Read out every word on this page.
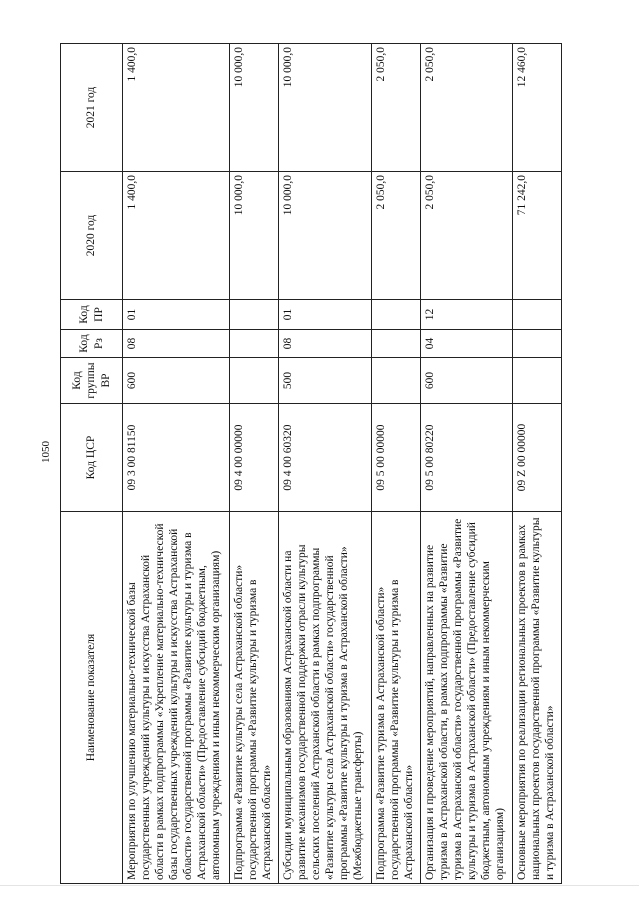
1050
Наименование показателя	Код ЦСР	Код группы ВР	Код Рз	Код ПР	2020 год	2021 год
Мероприятия по улучшению материально-технической базы государственных учреждений культуры и искусства Астраханской области в рамках подпрограммы «Укрепление материально-технической базы государственных учреждений культуры и искусства Астраханской области» государственной программы «Развитие культуры и туризма в Астраханской области» (Предоставление субсидий бюджетным, автономным учреждениям и иным некоммерческим организациям)	09 3 00 81150	600	08	01	1 400,0	1 400,0
Подпрограмма «Развитие культуры села Астраханской области» государственной программы «Развитие культуры и туризма в Астраханской области»	09 4 00 00000				10 000,0	10 000,0
Субсидии муниципальным образованиям Астраханской области на развитие механизмов государственной поддержки отрасли культуры сельских поселений Астраханской области в рамках подпрограммы «Развитие культуры села Астраханской области» государственной программы «Развитие культуры и туризма в Астраханской области» (Межбюджетные трансферты)	09 4 00 60320	500	08	01	10 000,0	10 000,0
Подпрограмма «Развитие туризма в Астраханской области» государственной программы «Развитие культуры и туризма в Астраханской области»	09 5 00 00000				2 050,0	2 050,0
Организация и проведение мероприятий, направленных на развитие туризма в Астраханской области, в рамках подпрограммы «Развитие туризма в Астраханской области» государственной программы «Развитие культуры и туризма в Астраханской области» (Предоставление субсидий бюджетным, автономным учреждениям и иным некоммерческим организациям)	09 5 00 80220	600	04	12	2 050,0	2 050,0
Основные мероприятия по реализации региональных проектов в рамках национальных проектов государственной программы «Развитие культуры и туризма в Астраханской области»	09 Z 00 00000				71 242,0	12 460,0
